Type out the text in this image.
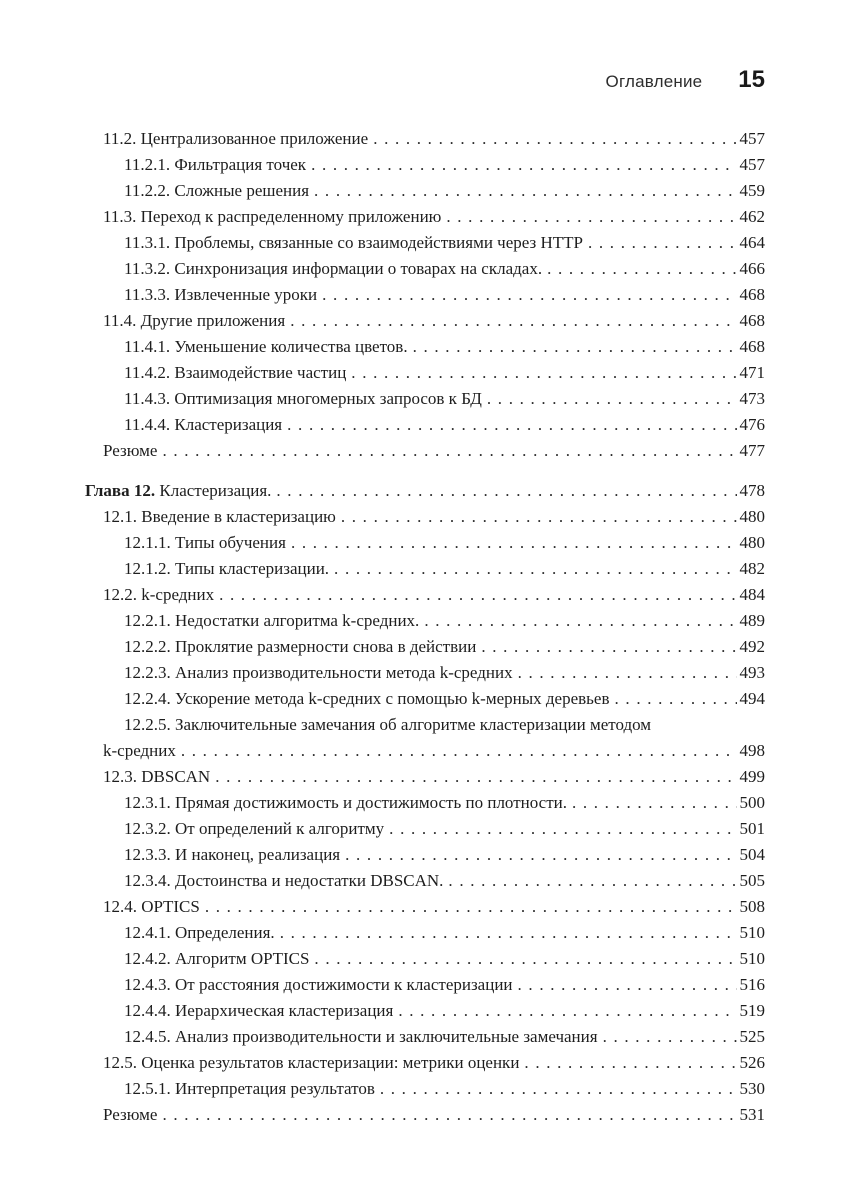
Оглавление 15
11.2. Централизованное приложение . . .	457
11.2.1. Фильтрация точек . . .	457
11.2.2. Сложные решения . . .	459
11.3. Переход к распределенному приложению . . .	462
11.3.1. Проблемы, связанные со взаимодействиями через HTTP . . .	464
11.3.2. Синхронизация информации о товарах на складах. . . .	466
11.3.3. Извлеченные уроки . . .	468
11.4. Другие приложения . . .	468
11.4.1. Уменьшение количества цветов. . . .	468
11.4.2. Взаимодействие частиц . . .	471
11.4.3. Оптимизация многомерных запросов к БД . . .	473
11.4.4. Кластеризация . . .	476
Резюме . . .	477
Глава 12. Кластеризация. . . .	478
12.1. Введение в кластеризацию . . .	480
12.1.1. Типы обучения . . .	480
12.1.2. Типы кластеризации. . . .	482
12.2. k-средних . . .	484
12.2.1. Недостатки алгоритма k-средних. . . .	489
12.2.2. Проклятие размерности снова в действии . . .	492
12.2.3. Анализ производительности метода k-средних . . .	493
12.2.4. Ускорение метода k-средних с помощью k-мерных деревьев . . .	494
12.2.5. Заключительные замечания об алгоритме кластеризации методом
k-средних . . .	498
12.3. DBSCAN . . .	499
12.3.1. Прямая достижимость и достижимость по плотности. . . .	500
12.3.2. От определений к алгоритму . . .	501
12.3.3. И наконец, реализация . . .	504
12.3.4. Достоинства и недостатки DBSCAN. . . .	505
12.4. OPTICS . . .	508
12.4.1. Определения. . . .	510
12.4.2. Алгоритм OPTICS . . .	510
12.4.3. От расстояния достижимости к кластеризации . . .	516
12.4.4. Иерархическая кластеризация . . .	519
12.4.5. Анализ производительности и заключительные замечания . . .	525
12.5. Оценка результатов кластеризации: метрики оценки . . .	526
12.5.1. Интерпретация результатов . . .	530
Резюме . . .	531
